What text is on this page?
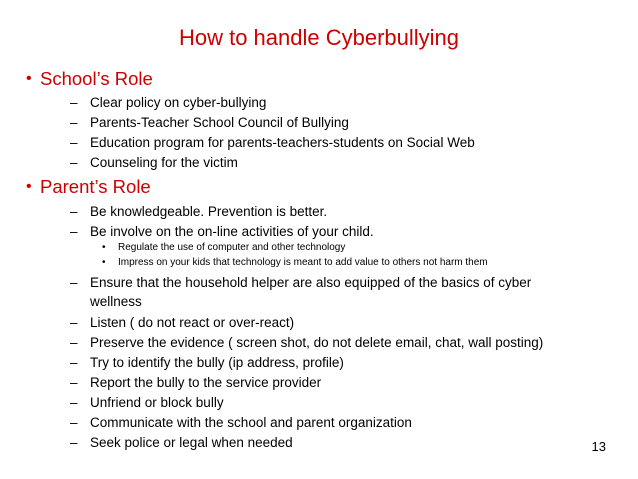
How to handle Cyberbullying
• School’s Role
– Clear policy on cyber-bullying
– Parents-Teacher School Council of Bullying
– Education program for parents-teachers-students on Social Web
– Counseling for the victim
• Parent’s Role
– Be knowledgeable. Prevention is better.
– Be involve on the on-line activities of your child.
• Regulate the use of computer and other technology
• Impress on your kids that technology is meant to add value to others not harm them
– Ensure that the household helper are also equipped of the basics of cyber wellness
– Listen ( do not react or over-react)
– Preserve the evidence ( screen shot, do not delete email, chat, wall posting)
– Try to identify the bully (ip address, profile)
– Report the bully to the service provider
– Unfriend or block bully
– Communicate with the school and parent organization
– Seek police or legal when needed	13
